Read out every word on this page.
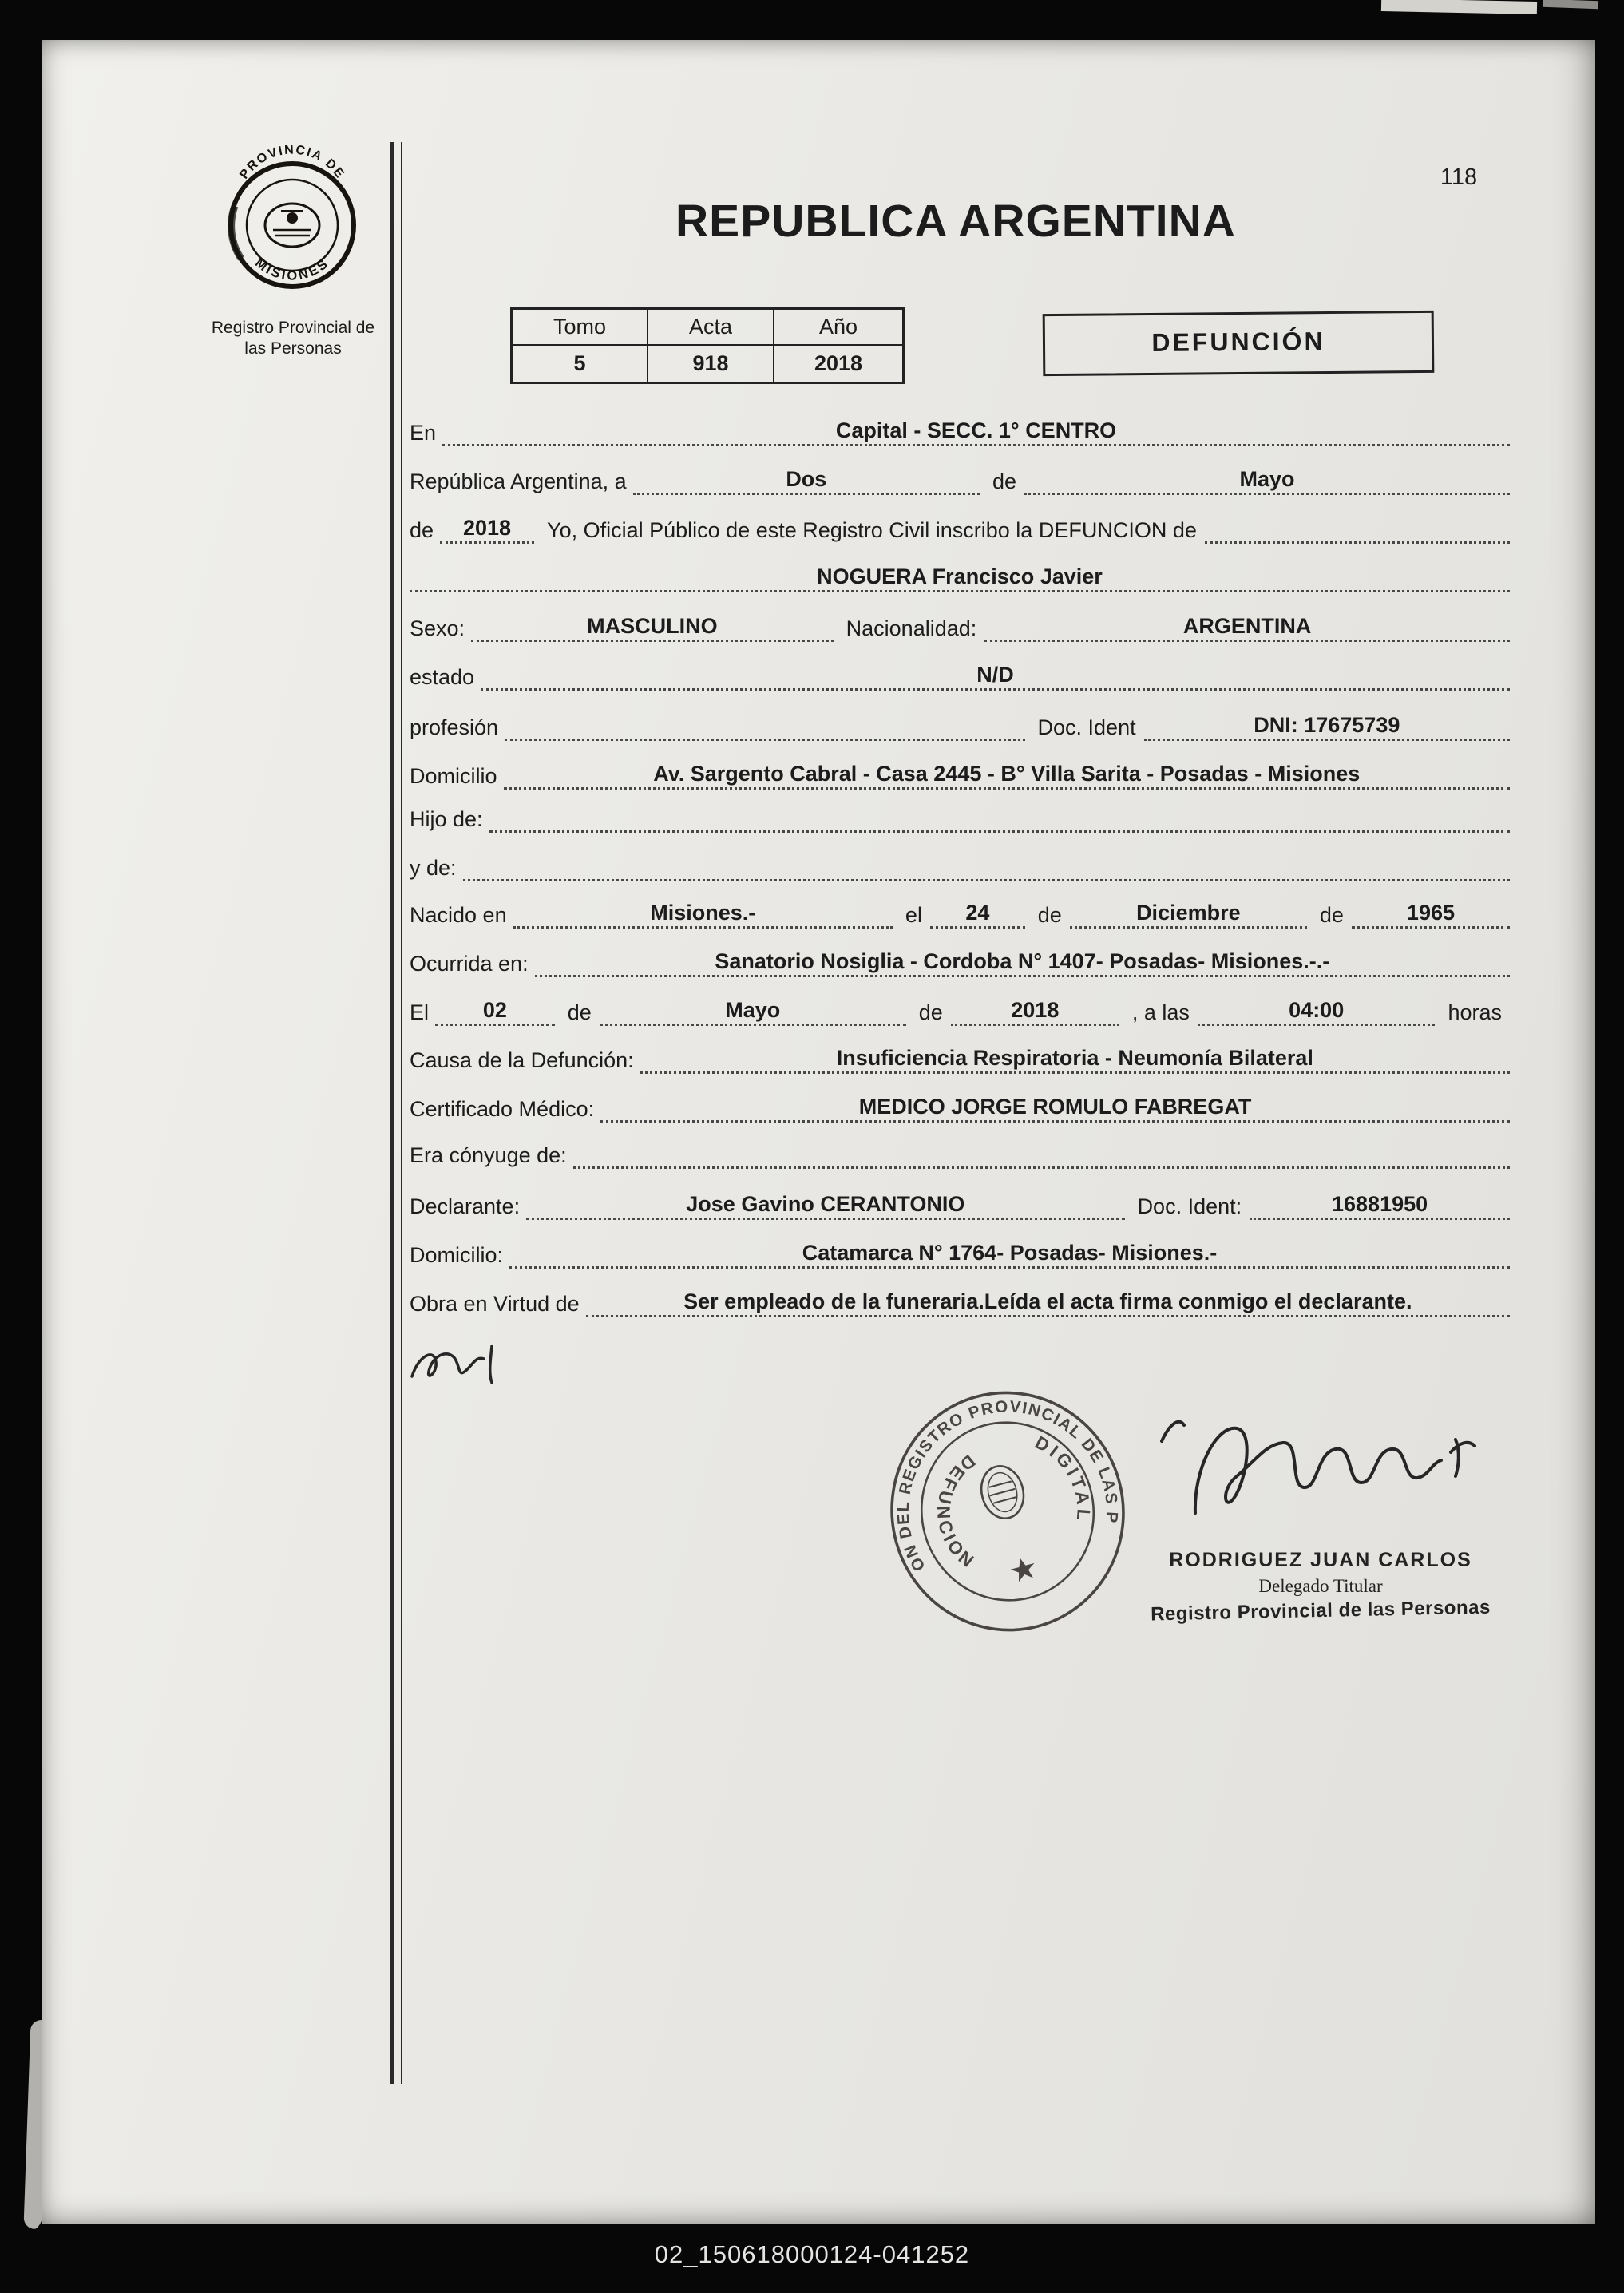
118
PROVINCIA DE
MISIONES
Registro Provincial de
las Personas
REPUBLICA ARGENTINA
Tomo	Acta	Año
5	918	2018
DEFUNCIÓN
En	Capital - SECC. 1° CENTRO
República Argentina, a	Dos	de	Mayo
de	2018	Yo, Oficial Público de este Registro Civil inscribo la DEFUNCION de
NOGUERA Francisco Javier
Sexo:	MASCULINO	Nacionalidad:	ARGENTINA
estado	N/D
profesión	Doc. Ident	DNI: 17675739
Domicilio	Av. Sargento Cabral - Casa 2445 - B° Villa Sarita - Posadas - Misiones
Hijo de:
y de:
Nacido en	Misiones.-	el	24	de	Diciembre	de	1965
Ocurrida en:	Sanatorio Nosiglia - Cordoba N° 1407- Posadas- Misiones.-.-
El	02	de	Mayo	de	2018	, a las	04:00	horas
Causa de la Defunción:	Insuficiencia Respiratoria - Neumonía Bilateral
Certificado Médico:	MEDICO JORGE ROMULO FABREGAT
Era cónyuge de:
Declarante:	Jose Gavino CERANTONIO	Doc. Ident:	16881950
Domicilio:	Catamarca N° 1764- Posadas- Misiones.-
Obra en Virtud de	Ser empleado de la funeraria.Leída el acta firma conmigo el declarante.
DELEGACION DEL REGISTRO PROVINCIAL DE LAS PERSONAS
DEFUNCION
DIGITAL
RODRIGUEZ JUAN CARLOS
Delegado Titular
Registro Provincial de las Personas
02_150618000124-041252
